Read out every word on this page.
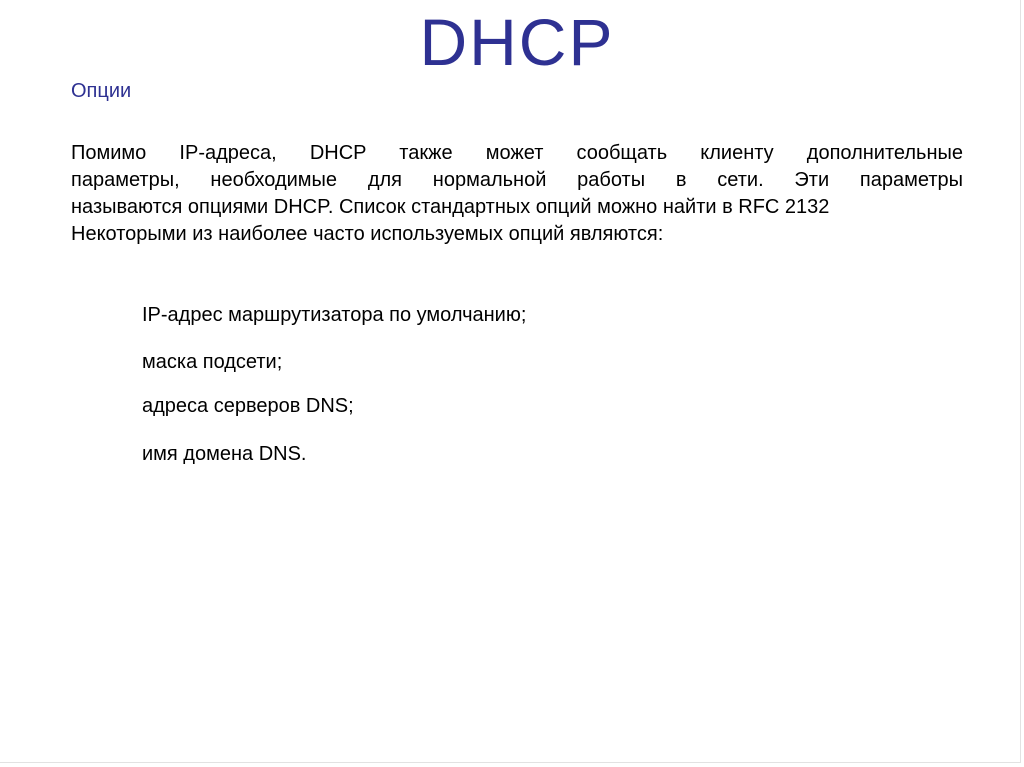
DHCP
Опции
Помимо IP-адреса, DHCP также может сообщать клиенту дополнительные
параметры, необходимые для нормальной работы в сети. Эти параметры
называются опциями DHCP. Список стандартных опций можно найти в RFC 2132
Некоторыми из наиболее часто используемых опций являются:
IP-адрес маршрутизатора по умолчанию;
маска подсети;
адреса серверов DNS;
имя домена DNS.
